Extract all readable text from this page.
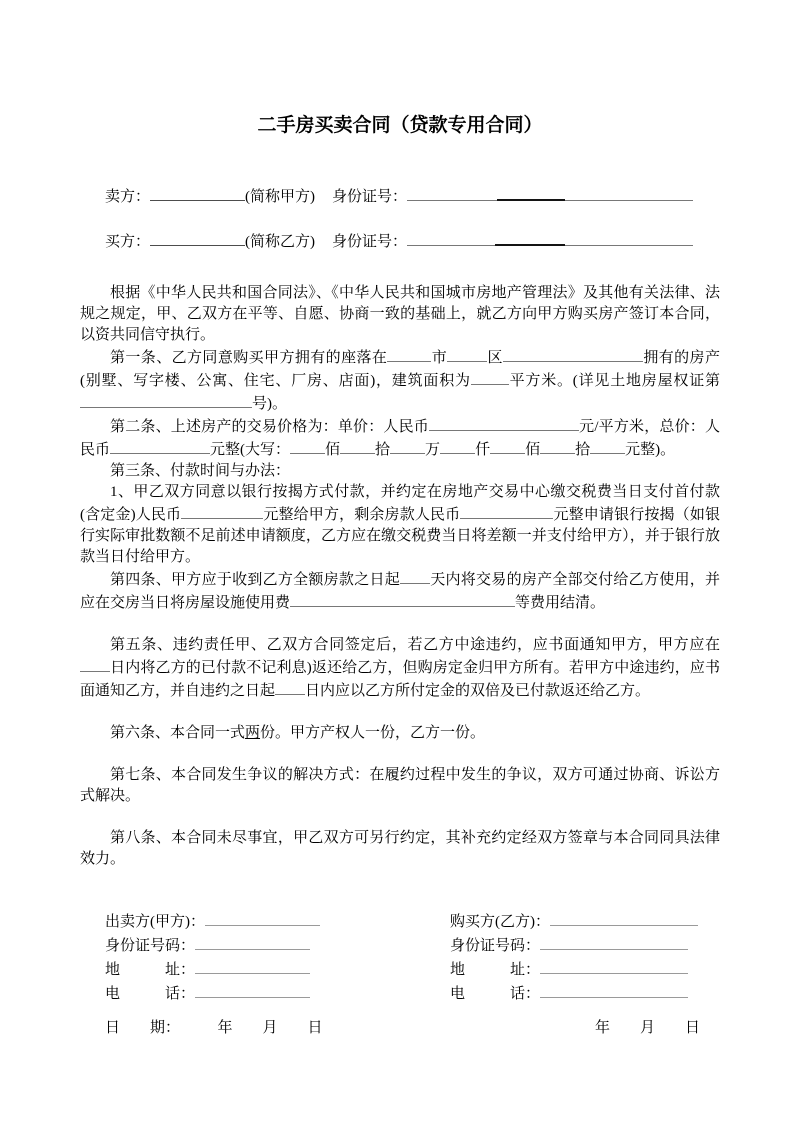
二手房买卖合同（贷款专用合同）
卖方：	(简称甲方) 身份证号：
买方：	(简称乙方) 身份证号：

根据《中华人民共和国合同法》、《中华人民共和国城市房地产管理法》及其他有关法律、法规之规定，甲、乙双方在平等、自愿、协商一致的基础上，就乙方向甲方购买房产签订本合同，以资共同信守执行。

第一条、乙方同意购买甲方拥有的座落在	市	区	拥有的房产(别墅、写字楼、公寓、住宅、厂房、店面)，建筑面积为	平方米。(详见土地房屋权证第号)。

第二条、上述房产的交易价格为：单价：人民币	元/平方米，总价：人民币	元整(大写： 佰 拾 万 仟 佰 拾 元整)。

第三条、付款时间与办法：

1、甲乙双方同意以银行按揭方式付款，并约定在房地产交易中心缴交税费当日支付首付款(含定金)人民币	元整给甲方，剩余房款人民币	元整申请银行按揭（如银行实际审批数额不足前述申请额度，乙方应在缴交税费当日将差额一并支付给甲方），并于银行放款当日付给甲方。

第四条、甲方应于收到乙方全额房款之日起 天内将交易的房产全部交付给乙方使用，并应在交房当日将房屋设施使用费	等费用结清。

第五条、违约责任甲、乙双方合同签定后，若乙方中途违约，应书面通知甲方，甲方应在日内将乙方的已付款不记利息)返还给乙方，但购房定金归甲方所有。若甲方中途违约，应书面通知乙方，并自违约之日起 日内应以乙方所付定金的双倍及已付款返还给乙方。

第六条、本合同一式两份。甲方产权人一份，乙方一份。

第七条、本合同发生争议的解决方式：在履约过程中发生的争议，双方可通过协商、诉讼方式解决。

第八条、本合同未尽事宜，甲乙双方可另行约定，其补充约定经双方签章与本合同同具法律效力。

出卖方(甲方)：
身份证号码：
地　　　址：
电　　　话：
购买方(乙方)：
身份证号码：
地　　　址：
电　　　话：
日　　期：　　　年　　月　　日	年　　月　　日
